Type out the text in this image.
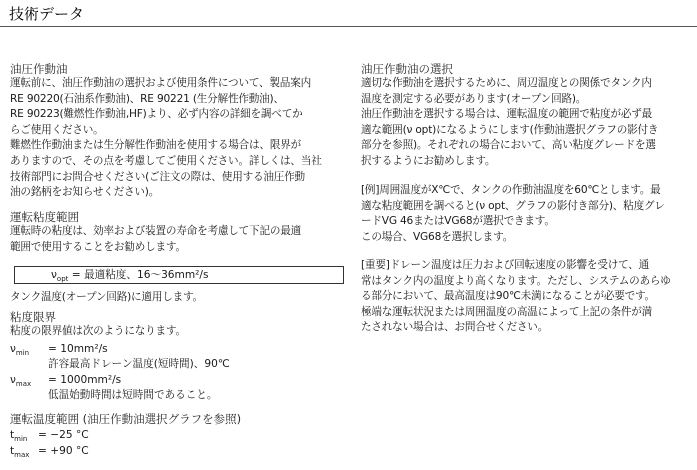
技術データ
油圧作動油
運転前に、油圧作動油の選択および使用条件について、製品案内
RE 90220(石油系作動油)、RE 90221 (生分解性作動油)、
RE 90223(難燃性作動油,HF)より、必ず内容の詳細を調べてか
らご使用ください。
難燃性作動油または生分解性作動油を使用する場合は、限界が
ありますので、その点を考慮してご使用ください。詳しくは、当社
技術部門にお問合せください(ご注文の際は、使用する油圧作動
油の銘柄をお知らせください)。
運転粘度範囲
運転時の粘度は、効率および装置の寿命を考慮して下記の最適
範囲で使用することをお勧めします。
$\nu_{opt}$ = 最適粘度、16～36mm²/s
タンク温度(オープン回路)に適用します。
粘度限界
粘度の限界値は次のようになります。
$\nu_{min} = 10mm^2/s$
許容最高ドレーン温度(短時間)、90℃
$\nu_{max} = 1000mm^2/s$
低温始動時間は短時間であること。
運転温度範囲 (油圧作動油選択グラフを参照)
$t_{min} = -25$ °C
$t_{max} = +90$ °C
油圧作動油の選択
適切な作動油を選択するために、周辺温度との関係でタンク内
温度を測定する必要があります(オープン回路)。
油圧作動油を選択する場合は、運転温度の範囲で粘度が必ず最
適な範囲(ν opt)になるようにします(作動油選択グラフの影付き
部分を参照)。それぞれの場合において、高い粘度グレードを選
択するようにお勧めします。
[例]周囲温度がX℃で、タンクの作動油温度を60℃とします。最
適な粘度範囲を調べると(ν opt、グラフの影付き部分)、粘度グレ
ードVG 46またはVG68が選択できます。
この場合、VG68を選択します。
[重要]ドレーン温度は圧力および回転速度の影響を受けて、通
常はタンク内の温度より高くなります。ただし、システムのあらゆ
る部分において、最高温度は90℃未満になることが必要です。
極端な運転状況または周囲温度の高温によって上記の条件が満
たされない場合は、お問合せください。
